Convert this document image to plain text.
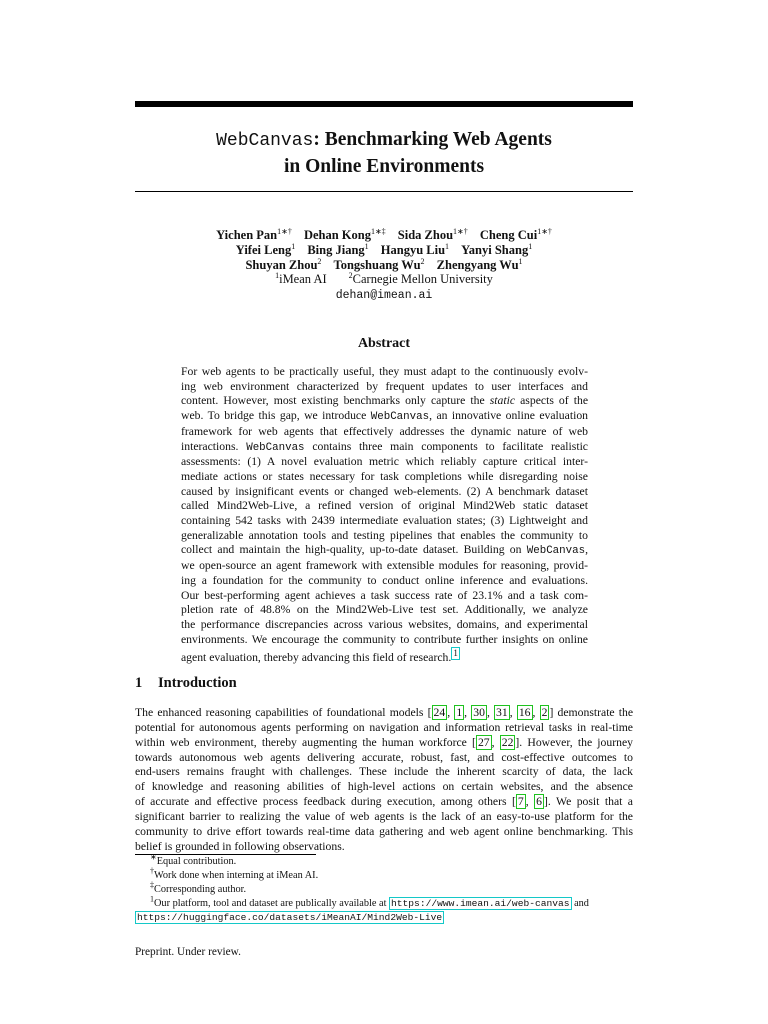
WebCanvas: Benchmarking Web Agents
in Online Environments
Yichen Pan$^{1∗\dagger}$ Dehan Kong$^{1∗\ddagger}$ Sida Zhou$^{1∗\dagger}$ Cheng Cui$^{1∗\dagger}$
Yifei Leng$^1$ Bing Jiang$^1$ Hangyu Liu$^1$ Yanyi Shang$^1$
Shuyan Zhou$^2$ Tongshuang Wu$^2$ Zhengyang Wu$^1$
$^1$iMean AI	$^2$Carnegie Mellon University
dehan@imean.ai
Abstract
For web agents to be practically useful, they must adapt to the continuously evolv-
ing web environment characterized by frequent updates to user interfaces and
content. However, most existing benchmarks only capture the static aspects of the
web. To bridge this gap, we introduce WebCanvas, an innovative online evaluation
framework for web agents that effectively addresses the dynamic nature of web
interactions. WebCanvas contains three main components to facilitate realistic
assessments: (1) A novel evaluation metric which reliably capture critical inter-
mediate actions or states necessary for task completions while disregarding noise
caused by insignificant events or changed web-elements. (2) A benchmark dataset
called Mind2Web-Live, a refined version of original Mind2Web static dataset
containing 542 tasks with 2439 intermediate evaluation states; (3) Lightweight and
generalizable annotation tools and testing pipelines that enables the community to
collect and maintain the high-quality, up-to-date dataset. Building on WebCanvas,
we open-source an agent framework with extensible modules for reasoning, provid-
ing a foundation for the community to conduct online inference and evaluations.
Our best-performing agent achieves a task success rate of 23.1% and a task com-
pletion rate of 48.8% on the Mind2Web-Live test set. Additionally, we analyze
the performance discrepancies across various websites, domains, and experimental
environments. We encourage the community to contribute further insights on online
agent evaluation, thereby advancing this field of research. 1
1 Introduction
The enhanced reasoning capabilities of foundational models [ 24 , 1 , 30 , 31 , 16 , 2 ] demonstrate the
potential for autonomous agents performing on navigation and information retrieval tasks in real-time
within web environment, thereby augmenting the human workforce [ 27 , 22 ]. However, the journey
towards autonomous web agents delivering accurate, robust, fast, and cost-effective outcomes to
end-users remains fraught with challenges. These include the inherent scarcity of data, the lack
of knowledge and reasoning abilities of high-level actions on certain websites, and the absence
of accurate and effective process feedback during execution, among others [ 7 , 6 ]. We posit that a
significant barrier to realizing the value of web agents is the lack of an easy-to-use platform for the
community to drive effort towards real-time data gathering and web agent online benchmarking. This
belief is grounded in following observations.
∗Equal contribution.
†Work done when interning at iMean AI.
‡Corresponding author.
$^1$Our platform, tool and dataset are publically available at https://www.imean.ai/web-canvas and
https://huggingface.co/datasets/iMeanAI/Mind2Web-Live
Preprint. Under review.
